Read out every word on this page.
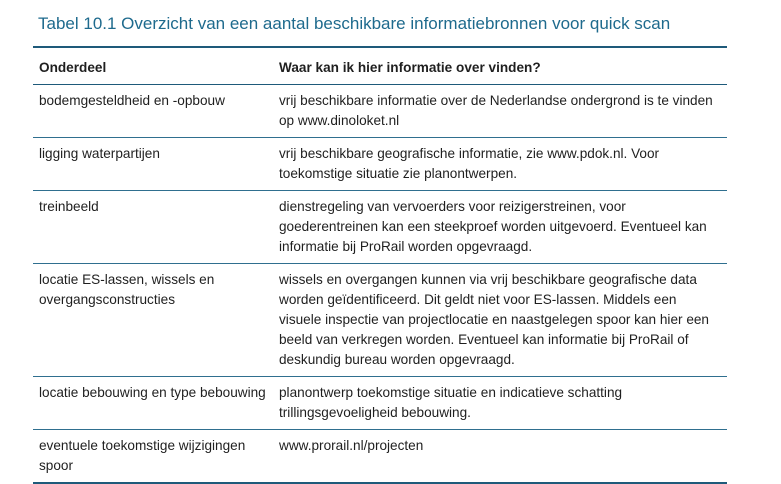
Tabel 10.1 Overzicht van een aantal beschikbare informatiebronnen voor quick scan
Onderdeel	Waar kan ik hier informatie over vinden?
bodemgesteldheid en -opbouw	vrij beschikbare informatie over de Nederlandse ondergrond is te vinden op www.dinoloket.nl
ligging waterpartijen	vrij beschikbare geografische informatie, zie www.pdok.nl. Voor toekomstige situatie zie planontwerpen.
treinbeeld	dienstregeling van vervoerders voor reizigerstreinen, voor goederentreinen kan een steekproef worden uitgevoerd. Eventueel kan informatie bij ProRail worden opgevraagd.
locatie ES-lassen, wissels en overgangsconstructies	wissels en overgangen kunnen via vrij beschikbare geografische data worden geïdentificeerd. Dit geldt niet voor ES-lassen. Middels een visuele inspectie van projectlocatie en naastgelegen spoor kan hier een beeld van verkregen worden. Eventueel kan informatie bij ProRail of deskundig bureau worden opgevraagd.
locatie bebouwing en type bebouwing	planontwerp toekomstige situatie en indicatieve schatting trillingsgevoeligheid bebouwing.
eventuele toekomstige wijzigingen spoor	www.prorail.nl/projecten
